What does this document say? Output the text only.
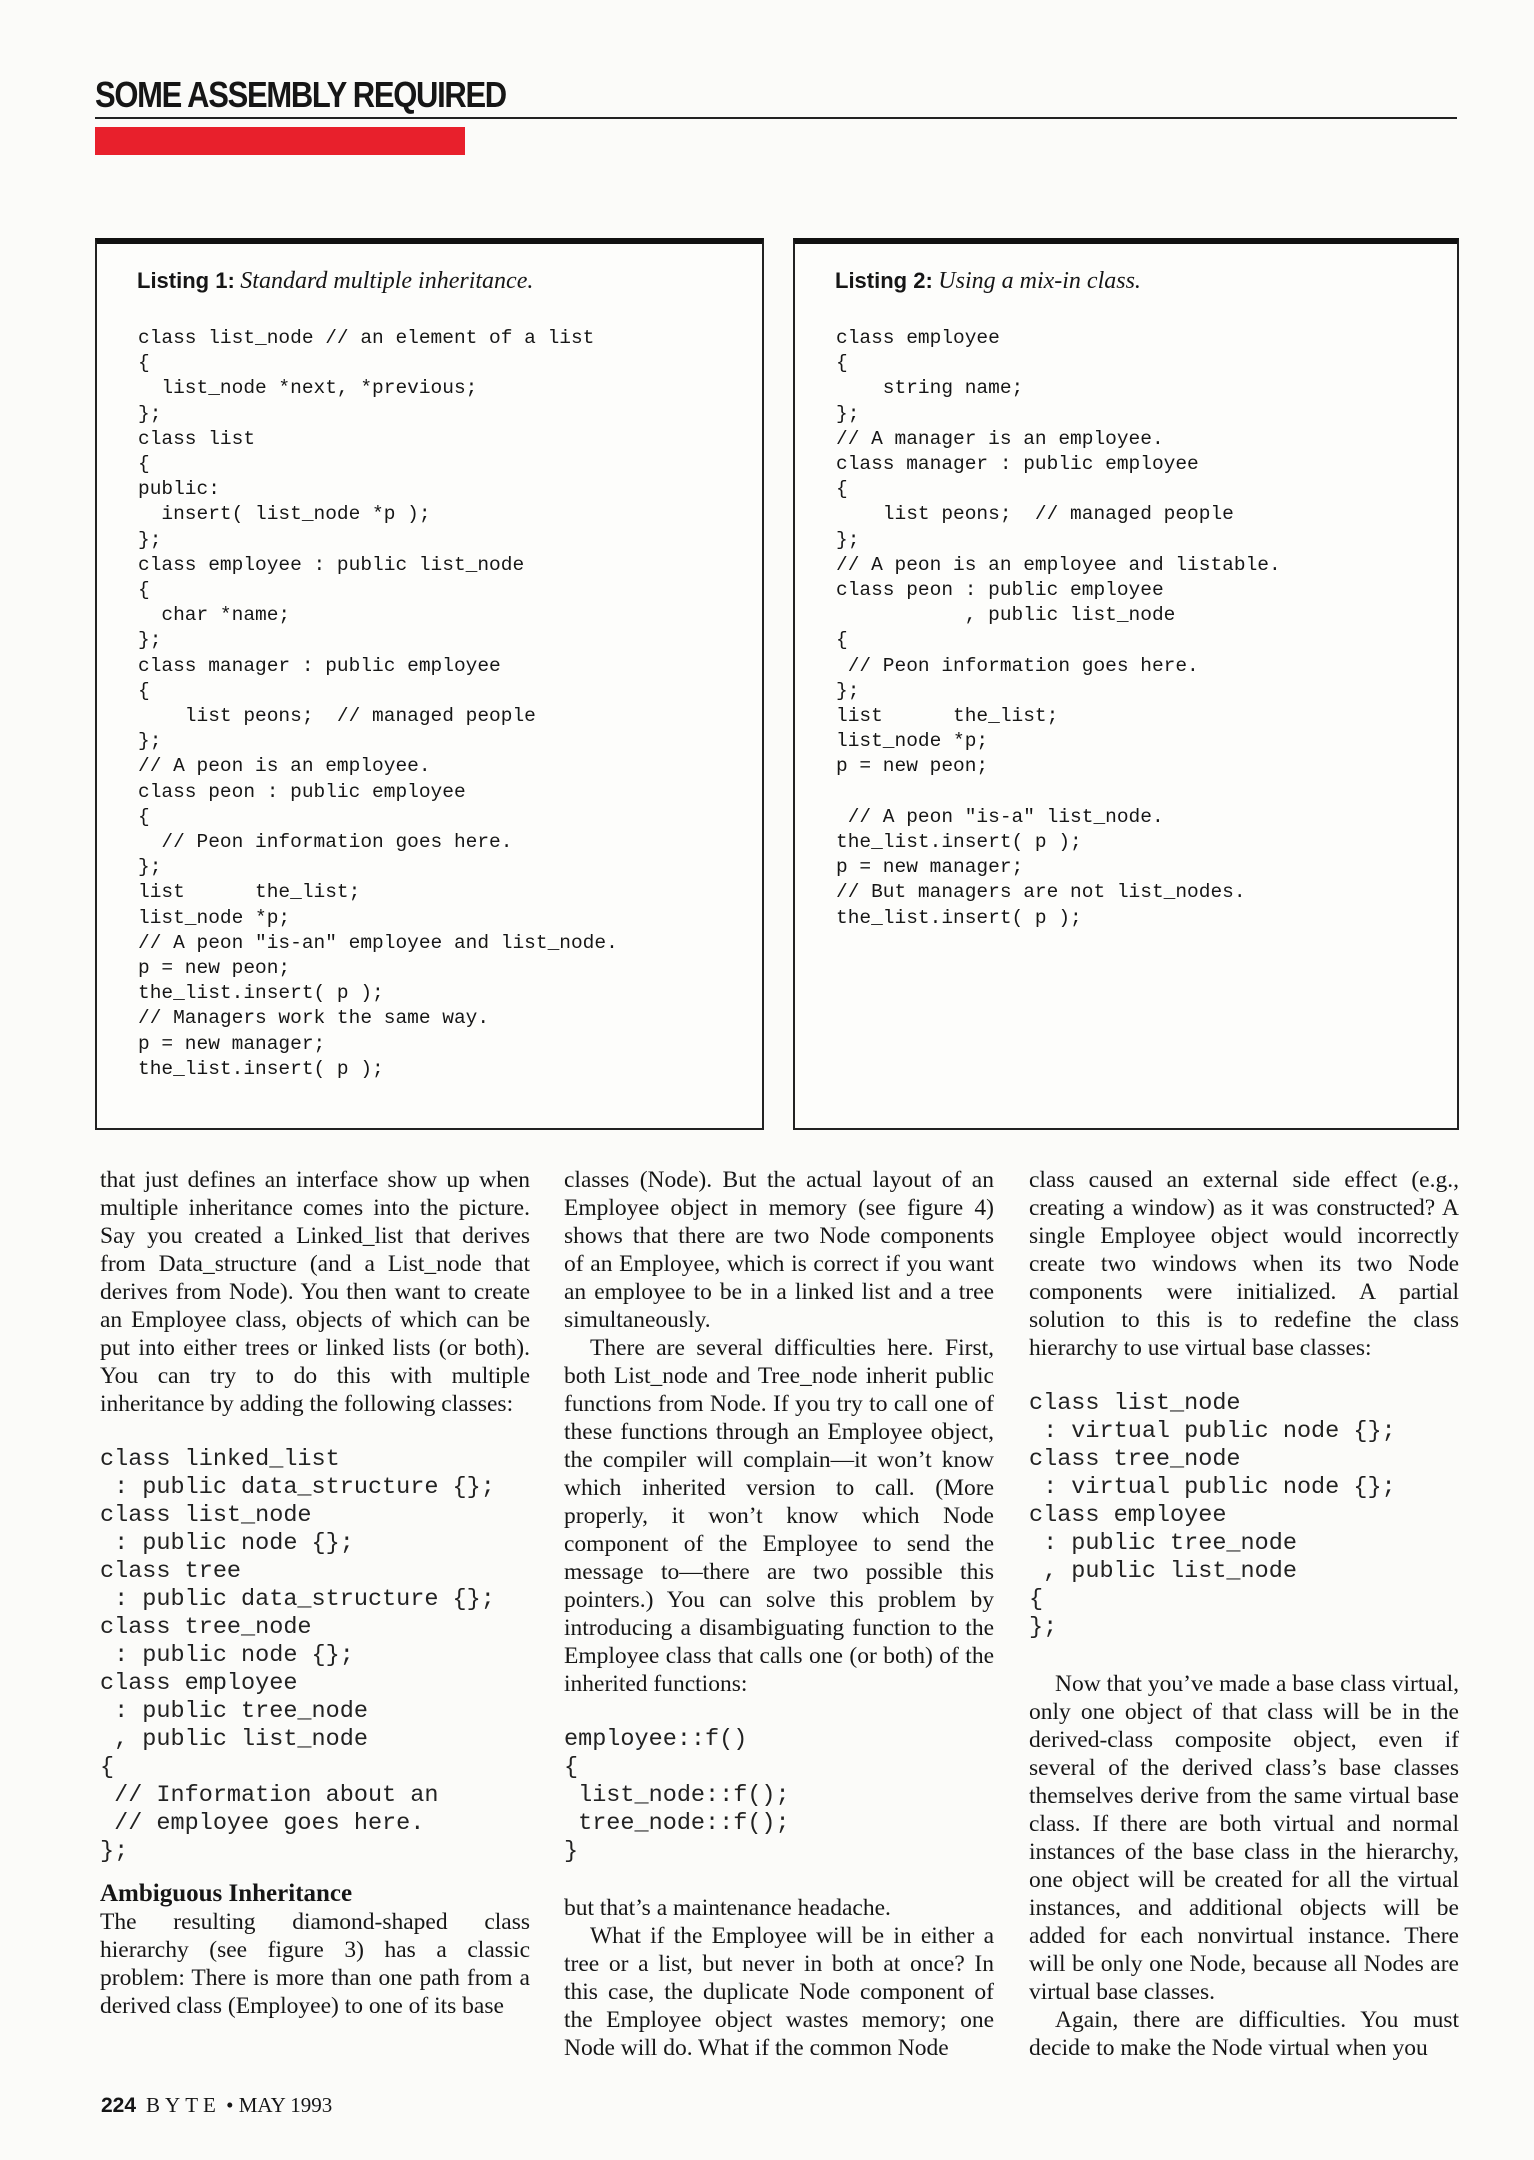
SOME ASSEMBLY REQUIRED
Listing 1: Standard multiple inheritance.
class list_node // an element of a list
{
list_node *next, *previous;
};
class list
{
public:
insert( list_node *p );
};
class employee : public list_node
{
char *name;
};
class manager : public employee
{
list peons;  // managed people
};
// A peon is an employee.
class peon : public employee
{
// Peon information goes here.
};
list      the_list;
list_node *p;
// A peon "is-an" employee and list_node.
p = new peon;
the_list.insert( p );
// Managers work the same way.
p = new manager;
the_list.insert( p );
Listing 2: Using a mix-in class.
class employee
{
string name;
};
// A manager is an employee.
class manager : public employee
{
list peons;  // managed people
};
// A peon is an employee and listable.
class peon : public employee
, public list_node
{
// Peon information goes here.
};
list      the_list;
list_node *p;
p = new peon;

// A peon "is-a" list_node.
the_list.insert( p );
p = new manager;
// But managers are not list_nodes.
the_list.insert( p );

that just defines an interface show up when multiple inheritance comes into the picture. Say you created a Linked_list that derives from Data_structure (and a List_node that derives from Node). You then want to create an Employee class, objects of which can be put into either trees or linked lists (or both). You can try to do this with multiple inheritance by adding the following classes:

class linked_list
: public data_structure {};
class list_node
: public node {};
class tree
: public data_structure {};
class tree_node
: public node {};
class employee
: public tree_node
, public list_node
{
// Information about an
// employee goes here.
};
Ambiguous Inheritance

The resulting diamond-shaped class hierarchy (see figure 3) has a classic problem: There is more than one path from a derived class (Employee) to one of its base

classes (Node). But the actual layout of an Employee object in memory (see figure 4) shows that there are two Node components of an Employee, which is correct if you want an employee to be in a linked list and a tree simultaneously.

There are several difficulties here. First, both List_node and Tree_node inherit public functions from Node. If you try to call one of these functions through an Employee object, the compiler will complain—it won’t know which inherited version to call. (More properly, it won’t know which Node component of the Employee to send the message to—there are two possible this pointers.) You can solve this problem by introducing a disambiguating function to the Employee class that calls one (or both) of the inherited functions:

employee::f()
{
list_node::f();
tree_node::f();
}

but that’s a maintenance headache.

What if the Employee will be in either a tree or a list, but never in both at once? In this case, the duplicate Node component of the Employee object wastes memory; one Node will do. What if the common Node

class caused an external side effect (e.g., creating a window) as it was constructed? A single Employee object would incorrectly create two windows when its two Node components were initialized. A partial solution to this is to redefine the class hierarchy to use virtual base classes:

class list_node
: virtual public node {};
class tree_node
: virtual public node {};
class employee
: public tree_node
, public list_node
{
};

Now that you’ve made a base class virtual, only one object of that class will be in the derived-class composite object, even if several of the derived class’s base classes themselves derive from the same virtual base class. If there are both virtual and normal instances of the base class in the hierarchy, one object will be created for all the virtual instances, and additional objects will be added for each nonvirtual instance. There will be only one Node, because all Nodes are virtual base classes.

Again, there are difficulties. You must decide to make the Node virtual when you

224 BYTE • MAY 1993
